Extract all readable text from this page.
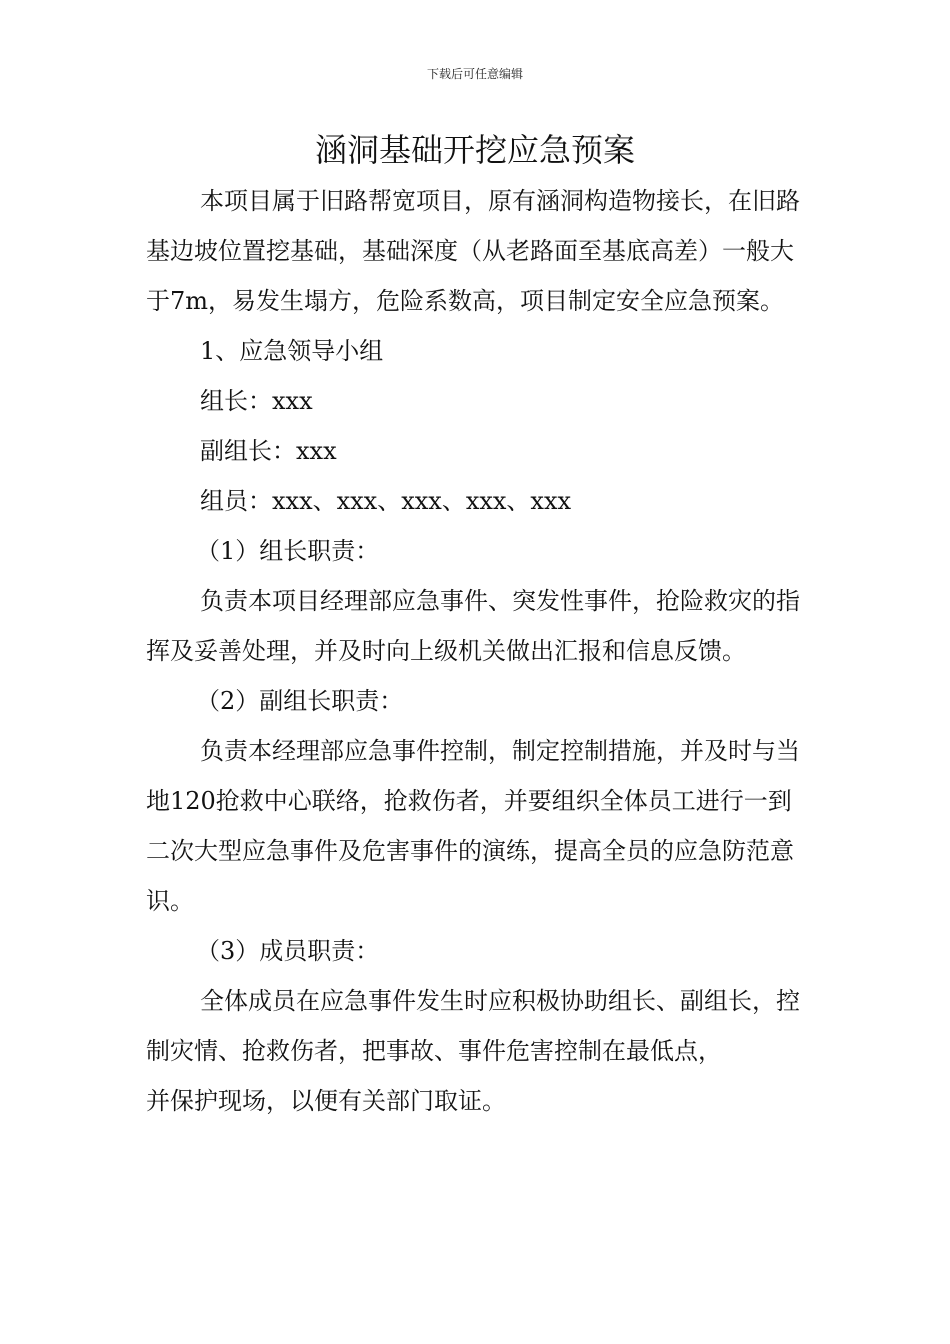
下载后可任意编辑
涵洞基础开挖应急预案

本项目属于旧路帮宽项目，原有涵洞构造物接长，在旧路基边坡位置挖基础，基础深度（从老路面至基底高差）一般大于7m，易发生塌方，危险系数高，项目制定安全应急预案。

1、应急领导小组

组长：xxx

副组长：xxx

组员：xxx、xxx、xxx、xxx、xxx

（1）组长职责：

负责本项目经理部应急事件、突发性事件，抢险救灾的指挥及妥善处理，并及时向上级机关做出汇报和信息反馈。

（2）副组长职责：

负责本经理部应急事件控制，制定控制措施，并及时与当地120抢救中心联络，抢救伤者，并要组织全体员工进行一到二次大型应急事件及危害事件的演练，提高全员的应急防范意识。

（3）成员职责：

全体成员在应急事件发生时应积极协助组长、副组长，控制灾情、抢救伤者，把事故、事件危害控制在最低点，

并保护现场，以便有关部门取证。
